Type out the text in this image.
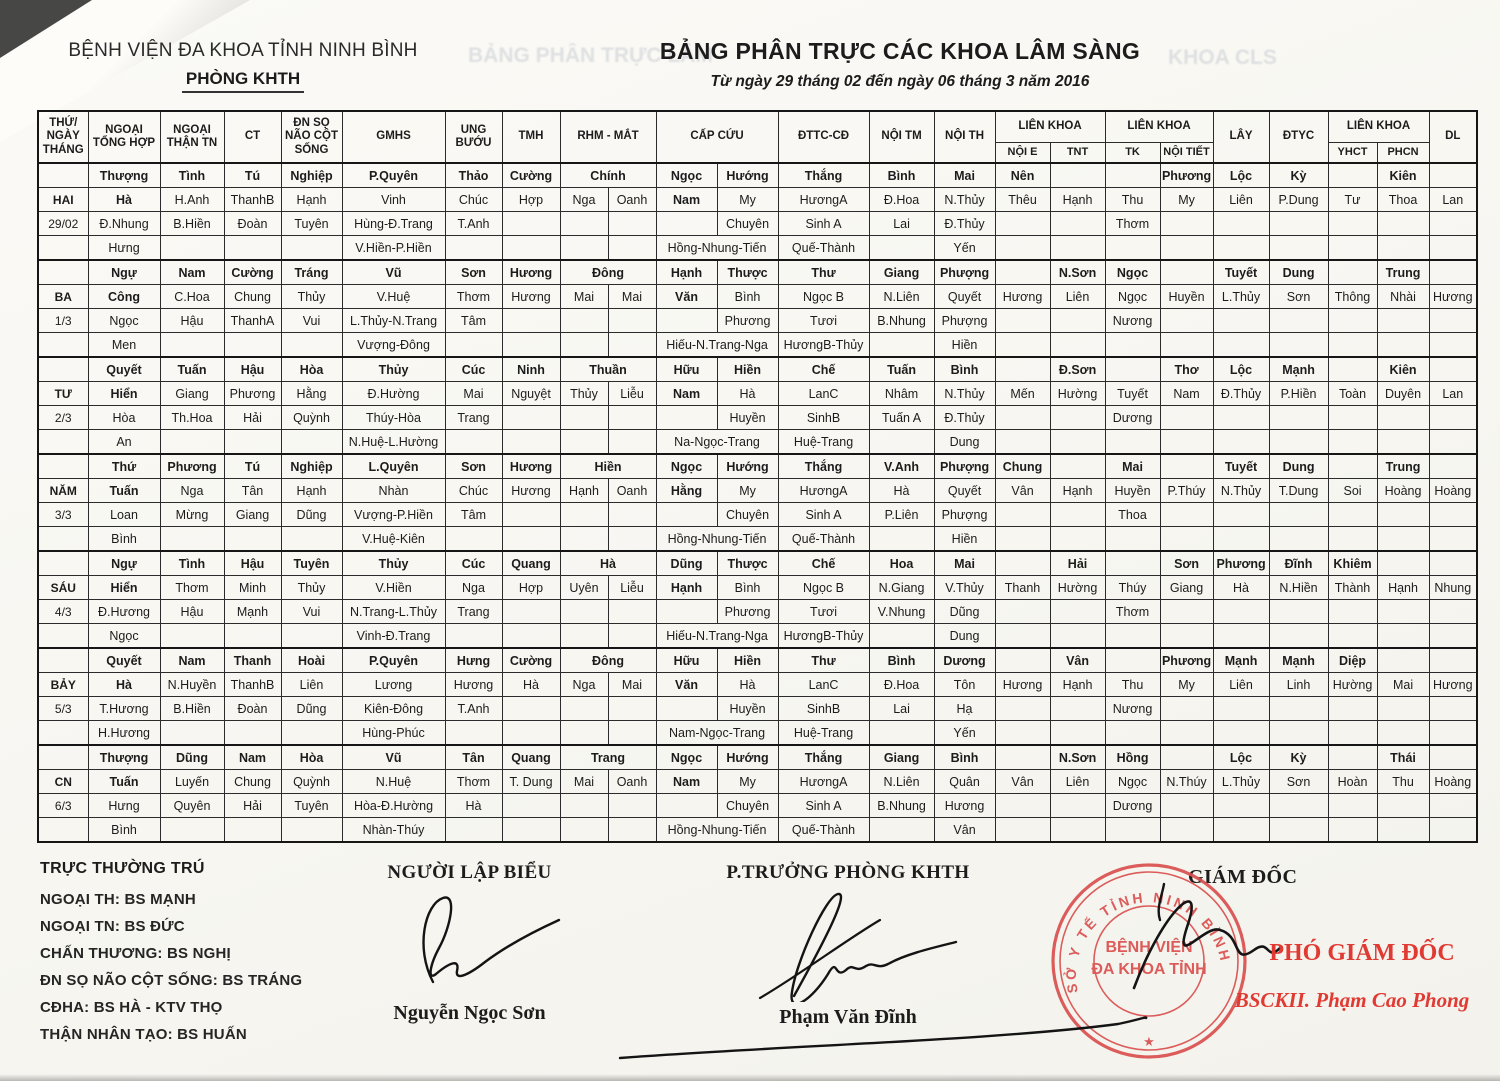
BẢNG PHÂN TRỰC LÂM	KHOA CLS
BỆNH VIỆN ĐA KHOA TỈNH NINH BÌNH
PHÒNG KHTH
BẢNG PHÂN TRỰC CÁC KHOA LÂM SÀNG
Từ ngày 29 tháng 02 đến ngày 06 tháng 3 năm 2016
THỨ/ NGÀY THÁNG	NGOẠI TỔNG HỢP	NGOẠI THẬN TN	CT	ĐN SỌ NÃO CỘT SỐNG	GMHS	UNG BƯỚU	TMH	RHM - MẮT		CẤP CỨU		ĐTTC-CĐ	NỘI TM	NỘI TH	LIÊN KHOA		LIÊN KHOA		LÂY	ĐTYC	LIÊN KHOA		DL
															NỘI E	TNT	TK	NỘI TIẾT			YHCT	PHCN	
	Thượng	Tình	Tú	Nghiệp	P.Quyên	Thảo	Cường	Chính		Ngọc	Hướng	Thắng	Bình	Mai	Nên			Phương	Lộc	Kỳ		Kiên	
HAI	Hà	H.Anh	ThanhB	Hạnh	Vinh	Chúc	Hợp	Nga	Oanh	Nam	My	HươngA	Đ.Hoa	N.Thủy	Thêu	Hạnh	Thu	My	Liên	P.Dung	Tư	Thoa	Lan
29/02	Đ.Nhung	B.Hiền	Đoàn	Tuyên	Hùng-Đ.Trang	T.Anh					Chuyên	Sinh A	Lai	Đ.Thủy			Thơm						
	Hưng				V.Hiền-P.Hiền					Hồng-Nhung-Tiến		Quế-Thành		Yến									
	Ngự	Nam	Cường	Tráng	Vũ	Sơn	Hương	Đông		Hạnh	Thược	Thư	Giang	Phượng		N.Sơn	Ngọc		Tuyết	Dung		Trung	
BA	Công	C.Hoa	Chung	Thủy	V.Huệ	Thơm	Hương	Mai	Mai	Văn	Bình	Ngọc B	N.Liên	Quyết	Hương	Liên	Ngọc	Huyền	L.Thủy	Sơn	Thông	Nhài	Hương
1/3	Ngọc	Hậu	ThanhA	Vui	L.Thủy-N.Trang	Tâm					Phương	Tươi	B.Nhung	Phượng			Nương						
	Men				Vượng-Đông					Hiếu-N.Trang-Nga		HươngB-Thủy		Hiền									
	Quyết	Tuấn	Hậu	Hòa	Thủy	Cúc	Ninh	Thuần		Hữu	Hiền	Chế	Tuấn	Bình		Đ.Sơn		Thơ	Lộc	Mạnh		Kiên	
TƯ	Hiển	Giang	Phương	Hằng	Đ.Hường	Mai	Nguyệt	Thủy	Liễu	Nam	Hà	LanC	Nhâm	N.Thủy	Mến	Hường	Tuyết	Nam	Đ.Thủy	P.Hiền	Toàn	Duyên	Lan
2/3	Hòa	Th.Hoa	Hải	Quỳnh	Thúy-Hòa	Trang					Huyền	SinhB	Tuấn A	Đ.Thủy			Dương						
	An				N.Huệ-L.Hường					Na-Ngọc-Trang		Huệ-Trang		Dung									
	Thứ	Phương	Tú	Nghiệp	L.Quyên	Sơn	Hương	Hiền		Ngọc	Hướng	Thắng	V.Anh	Phượng	Chung		Mai		Tuyết	Dung		Trung	
NĂM	Tuấn	Nga	Tân	Hạnh	Nhàn	Chúc	Hương	Hạnh	Oanh	Hằng	My	HươngA	Hà	Quyết	Vân	Hạnh	Huyền	P.Thúy	N.Thủy	T.Dung	Soi	Hoàng	Hoàng
3/3	Loan	Mừng	Giang	Dũng	Vượng-P.Hiền	Tâm					Chuyên	Sinh A	P.Liên	Phượng			Thoa						
	Bình				V.Huệ-Kiên					Hồng-Nhung-Tiến		Quế-Thành		Hiền									
	Ngự	Tình	Hậu	Tuyên	Thủy	Cúc	Quang	Hà		Dũng	Thược	Chế	Hoa	Mai		Hải		Sơn	Phương	Đĩnh	Khiêm		
SÁU	Hiển	Thơm	Minh	Thủy	V.Hiền	Nga	Hợp	Uyên	Liễu	Hạnh	Bình	Ngọc B	N.Giang	V.Thủy	Thanh	Hường	Thúy	Giang	Hà	N.Hiền	Thành	Hạnh	Nhung
4/3	Đ.Hương	Hậu	Mạnh	Vui	N.Trang-L.Thủy	Trang					Phương	Tươi	V.Nhung	Dũng			Thơm						
	Ngọc				Vinh-Đ.Trang					Hiếu-N.Trang-Nga		HươngB-Thủy		Dung									
	Quyết	Nam	Thanh	Hoài	P.Quyên	Hưng	Cường	Đông		Hữu	Hiền	Thư	Bình	Dương		Vân		Phương	Mạnh	Mạnh	Diệp		
BẢY	Hà	N.Huyền	ThanhB	Liên	Lương	Hương	Hà	Nga	Mai	Văn	Hà	LanC	Đ.Hoa	Tôn	Hương	Hạnh	Thu	My	Liên	Linh	Hường	Mai	Hương
5/3	T.Hương	B.Hiền	Đoàn	Dũng	Kiên-Đông	T.Anh					Huyền	SinhB	Lai	Hạ			Nương						
	H.Hương				Hùng-Phúc					Nam-Ngọc-Trang		Huệ-Trang		Yến									
	Thượng	Dũng	Nam	Hòa	Vũ	Tân	Quang	Trang		Ngọc	Hướng	Thắng	Giang	Bình		N.Sơn	Hồng		Lộc	Kỳ		Thái	
CN	Tuấn	Luyến	Chung	Quỳnh	N.Huệ	Thơm	T. Dung	Mai	Oanh	Nam	My	HươngA	N.Liên	Quân	Vân	Liên	Ngọc	N.Thúy	L.Thủy	Sơn	Hoàn	Thu	Hoàng
6/3	Hưng	Quyên	Hải	Tuyên	Hòa-Đ.Hường	Hà					Chuyên	Sinh A	B.Nhung	Hương			Dương						
	Bình				Nhàn-Thúy					Hồng-Nhung-Tiến		Quế-Thành		Vân									
TRỰC THƯỜNG TRÚ
NGOẠI TH: BS MẠNH
NGOẠI TN: BS ĐỨC
CHẤN THƯƠNG: BS NGHỊ
ĐN SỌ NÃO CỘT SỐNG: BS TRÁNG
CĐHA: BS HÀ - KTV THỌ
THẬN NHÂN TẠO: BS HUẤN
NGƯỜI LẬP BIỂU
Nguyễn Ngọc Sơn
P.TRƯỞNG PHÒNG KHTH
Phạm Văn Đĩnh
GIÁM ĐỐC
SỞ Y TẾ TỈNH NINH BÌNH
BỆNH VIỆN
ĐA KHOA TỈNH
★
PHÓ GIÁM ĐỐC
BSCKII. Phạm Cao Phong
